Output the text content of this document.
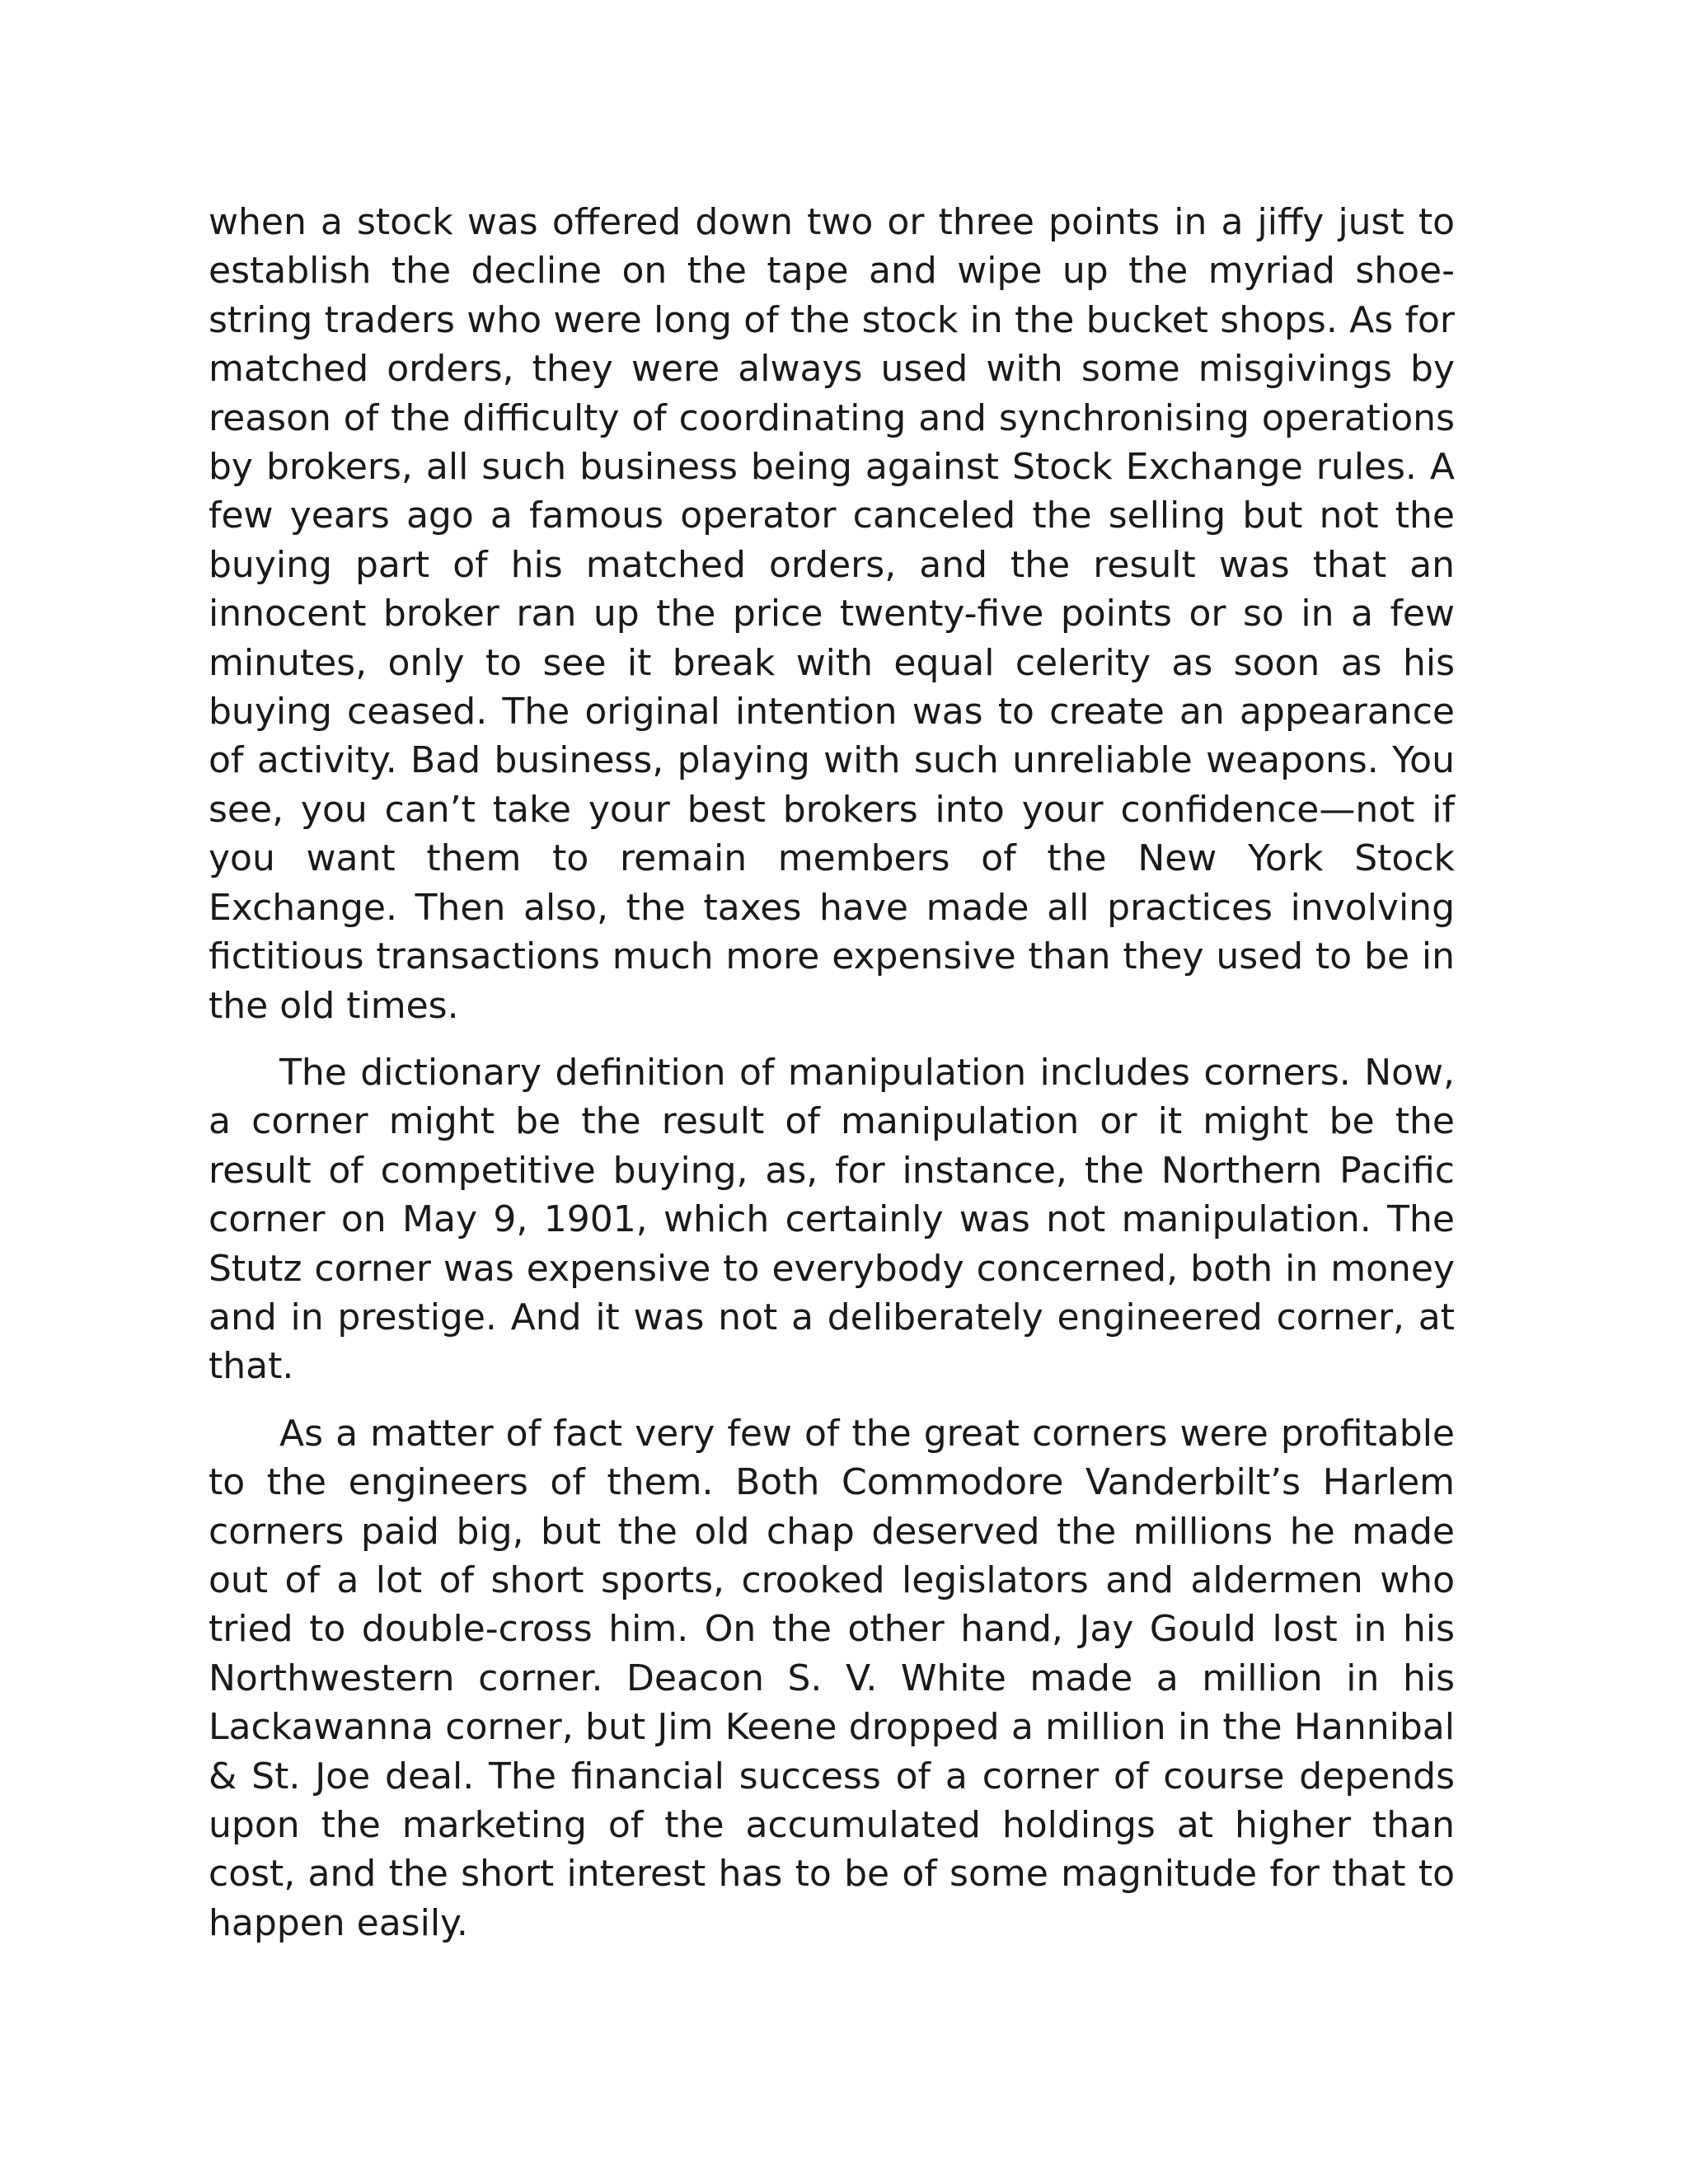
when a stock was offered down two or three points in a jiffy just to establish the decline on the tape and wipe up the myriad shoe-string traders who were long of the stock in the bucket shops. As for matched orders, they were always used with some misgivings by reason of the difficulty of coordinating and synchronising operations by brokers, all such business being against Stock Exchange rules. A few years ago a famous operator canceled the selling but not the buying part of his matched orders, and the result was that an innocent broker ran up the price twenty-five points or so in a few minutes, only to see it break with equal celerity as soon as his buying ceased. The original intention was to create an appearance of activity. Bad business, playing with such unreliable weapons. You see, you can’t take your best brokers into your confidence—not if you want them to remain members of the New York Stock Exchange. Then also, the taxes have made all practices involving fictitious transactions much more expensive than they used to be in the old times.

The dictionary definition of manipulation includes corners. Now, a corner might be the result of manipulation or it might be the result of competitive buying, as, for instance, the Northern Pacific corner on May 9, 1901, which certainly was not manipulation. The Stutz corner was expensive to everybody concerned, both in money and in prestige. And it was not a deliberately engineered corner, at that.

As a matter of fact very few of the great corners were profitable to the engineers of them. Both Commodore Vanderbilt’s Harlem corners paid big, but the old chap deserved the millions he made out of a lot of short sports, crooked legislators and aldermen who tried to double-cross him. On the other hand, Jay Gould lost in his Northwestern corner. Deacon S. V. White made a million in his Lackawanna corner, but Jim Keene dropped a million in the Hannibal & St. Joe deal. The financial success of a corner of course depends upon the marketing of the accumulated holdings at higher than cost, and the short interest has to be of some magnitude for that to happen easily.
